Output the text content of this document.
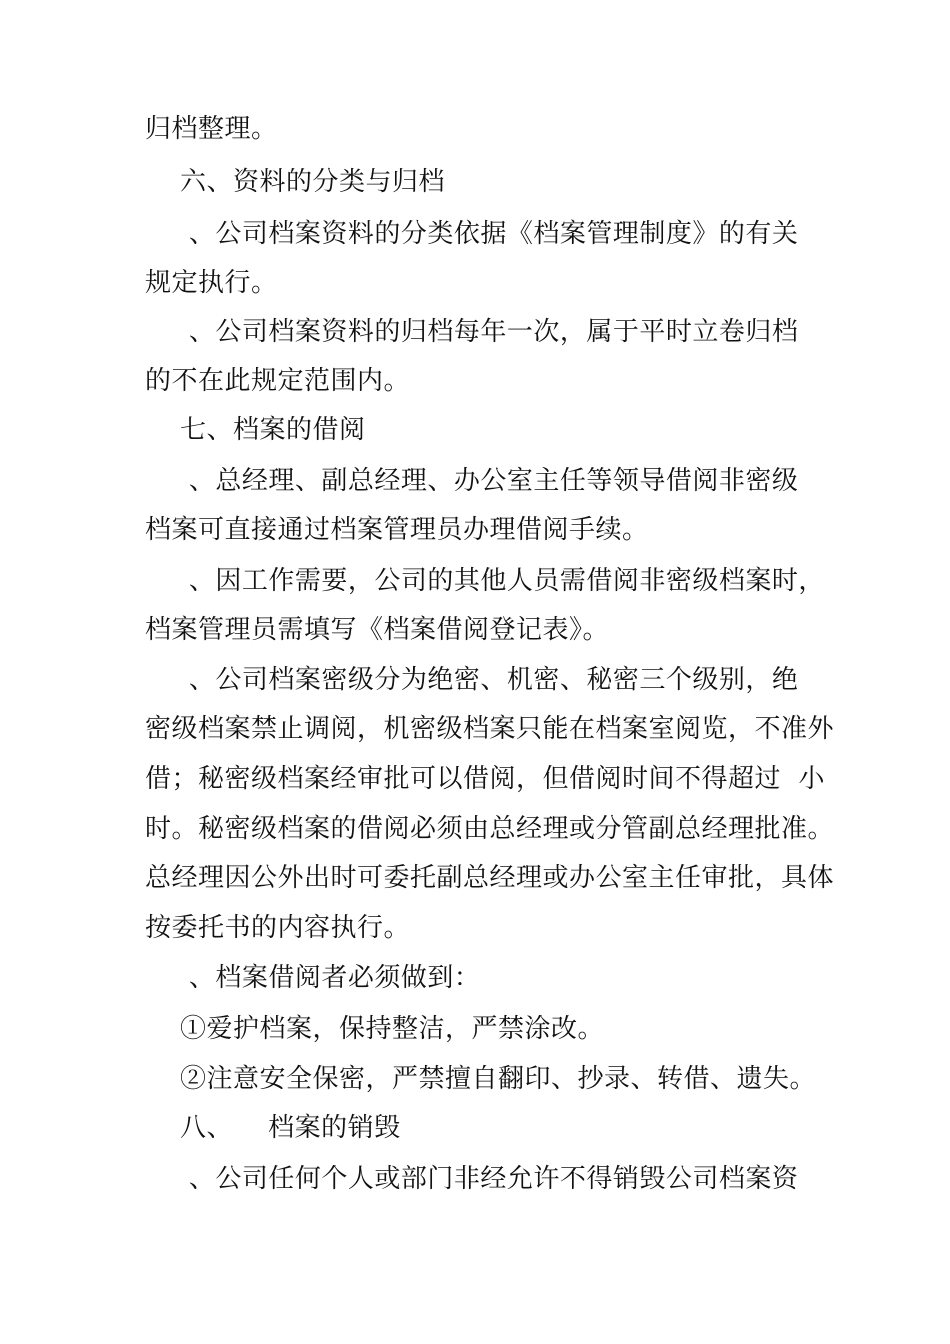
归档整理。
六、资料的分类与归档
、公司档案资料的分类依据《档案管理制度》的有关
规定执行。
、公司档案资料的归档每年一次，属于平时立卷归档
的不在此规定范围内。
七、档案的借阅
、总经理、副总经理、办公室主任等领导借阅非密级
档案可直接通过档案管理员办理借阅手续。
、因工作需要，公司的其他人员需借阅非密级档案时，
档案管理员需填写《档案借阅登记表》。
、公司档案密级分为绝密、机密、秘密三个级别，绝
密级档案禁止调阅，机密级档案只能在档案室阅览，不准外
借；秘密级档案经审批可以借阅，但借阅时间不得超过  小
时。秘密级档案的借阅必须由总经理或分管副总经理批准。
总经理因公外出时可委托副总经理或办公室主任审批，具体
按委托书的内容执行。
、档案借阅者必须做到：
①爱护档案，保持整洁，严禁涂改。
②注意安全保密，严禁擅自翻印、抄录、转借、遗失。
八、    档案的销毁
、公司任何个人或部门非经允许不得销毁公司档案资
